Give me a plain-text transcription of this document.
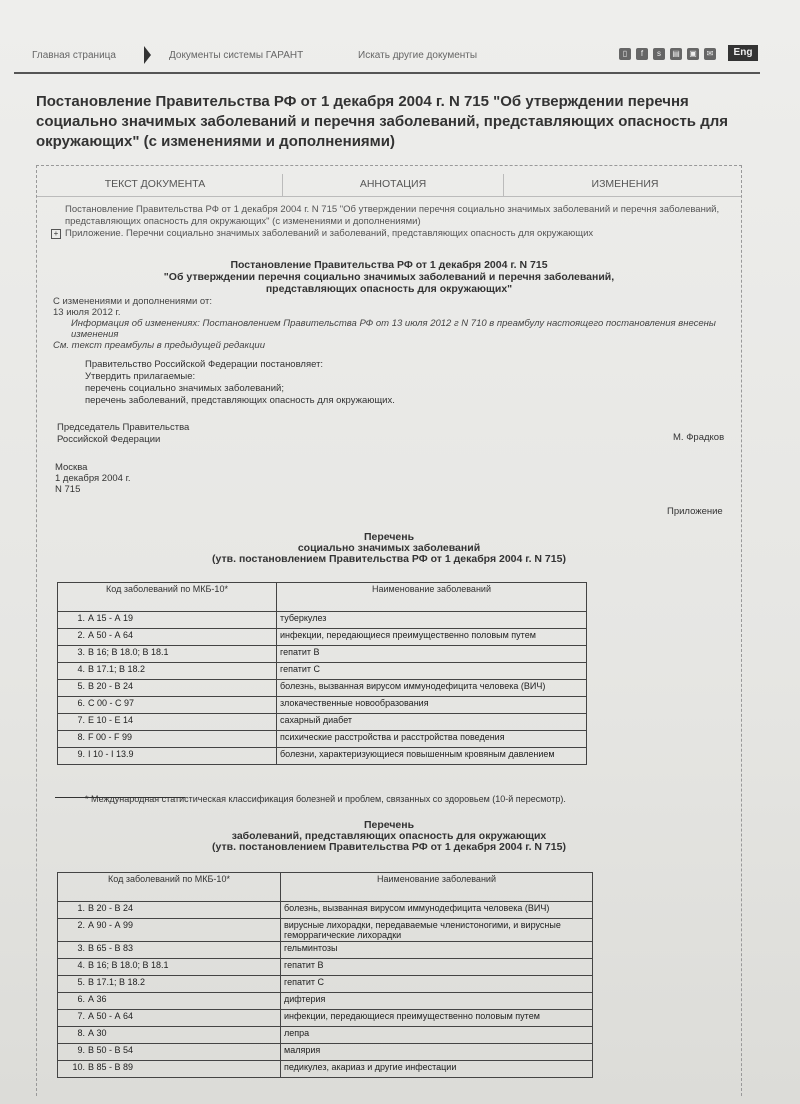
Главная страница	Документы системы ГАРАНТ	Искать другие документы	▯	f	s	▤ ▣	✉	Eng
Постановление Правительства РФ от 1 декабря 2004 г. N 715 "Об утверждении перечня социально значимых заболеваний и перечня заболеваний, представляющих опасность для окружающих" (с изменениями и дополнениями)
ТЕКСТ ДОКУМЕНТА	АННОТАЦИЯ	ИЗМЕНЕНИЯ
Постановление Правительства РФ от 1 декабря 2004 г. N 715 "Об утверждении перечня социально значимых заболеваний и перечня заболеваний, представляющих опасность для окружающих" (с изменениями и дополнениями)
+ Приложение. Перечни социально значимых заболеваний и заболеваний, представляющих опасность для окружающих
Постановление Правительства РФ от 1 декабря 2004 г. N 715
"Об утверждении перечня социально значимых заболеваний и перечня заболеваний, представляющих опасность для окружающих"
С изменениями и дополнениями от:
13 июля 2012 г.
Информация об изменениях: Постановлением Правительства РФ от 13 июля 2012 г N 710 в преамбулу настоящего постановления внесены изменения
См. текст преамбулы в предыдущей редакции
Правительство Российской Федерации постановляет:
Утвердить прилагаемые:
перечень социально значимых заболеваний;
перечень заболеваний, представляющих опасность для окружающих.
Председатель Правительства
Российской Федерации	М. Фрадков
Москва
1 декабря 2004 г.
N 715
Приложение
Перечень
социально значимых заболеваний
(утв. постановлением Правительства РФ от 1 декабря 2004 г. N 715)
Код заболеваний по МКБ-10*	Наименование заболеваний
1. А 15 - А 19	туберкулез
2. А 50 - А 64	инфекции, передающиеся преимущественно половым путем
3. В 16; В 18.0; В 18.1	гепатит В
4. В 17.1; В 18.2	гепатит С
5. В 20 - В 24	болезнь, вызванная вирусом иммунодефицита человека (ВИЧ)
6. С 00 - С 97	злокачественные новообразования
7. Е 10 - Е 14	сахарный диабет
8. F 00 - F 99	психические расстройства и расстройства поведения
9. I 10 - I 13.9	болезни, характеризующиеся повышенным кровяным давлением
* Международная статистическая классификация болезней и проблем, связанных со здоровьем (10-й пересмотр).
Перечень
заболеваний, представляющих опасность для окружающих
(утв. постановлением Правительства РФ от 1 декабря 2004 г. N 715)
Код заболеваний по МКБ-10*	Наименование заболеваний
1. В 20 - В 24	болезнь, вызванная вирусом иммунодефицита человека (ВИЧ)
2. А 90 - А 99	вирусные лихорадки, передаваемые членистоногими, и вирусные геморрагические лихорадки
3. В 65 - В 83	гельминтозы
4. В 16; В 18.0; В 18.1	гепатит В
5. В 17.1; В 18.2	гепатит С
6. А 36	дифтерия
7. А 50 - А 64	инфекции, передающиеся преимущественно половым путем
8. А 30	лепра
9. В 50 - В 54	малярия
10. В 85 - В 89	педикулез, акариаз и другие инфестации
